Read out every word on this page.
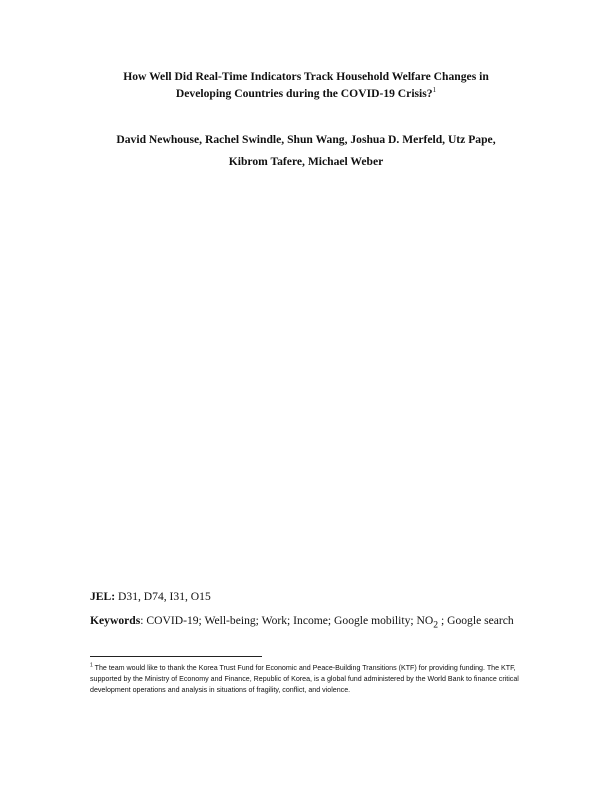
How Well Did Real-Time Indicators Track Household Welfare Changes in
Developing Countries during the COVID-19 Crisis?$^1$

David Newhouse, Rachel Swindle, Shun Wang, Joshua D. Merfeld, Utz Pape,
Kibrom Tafere, Michael Weber

JEL: D31, D74, I31, O15

Keywords: COVID-19; Well-being; Work; Income; Google mobility; $NO_2$ ; Google search

$^1$ The team would like to thank the Korea Trust Fund for Economic and Peace-Building Transitions (KTF) for providing funding. The KTF, supported by the Ministry of Economy and Finance, Republic of Korea, is a global fund administered by the World Bank to finance critical development operations and analysis in situations of fragility, conflict, and violence.
